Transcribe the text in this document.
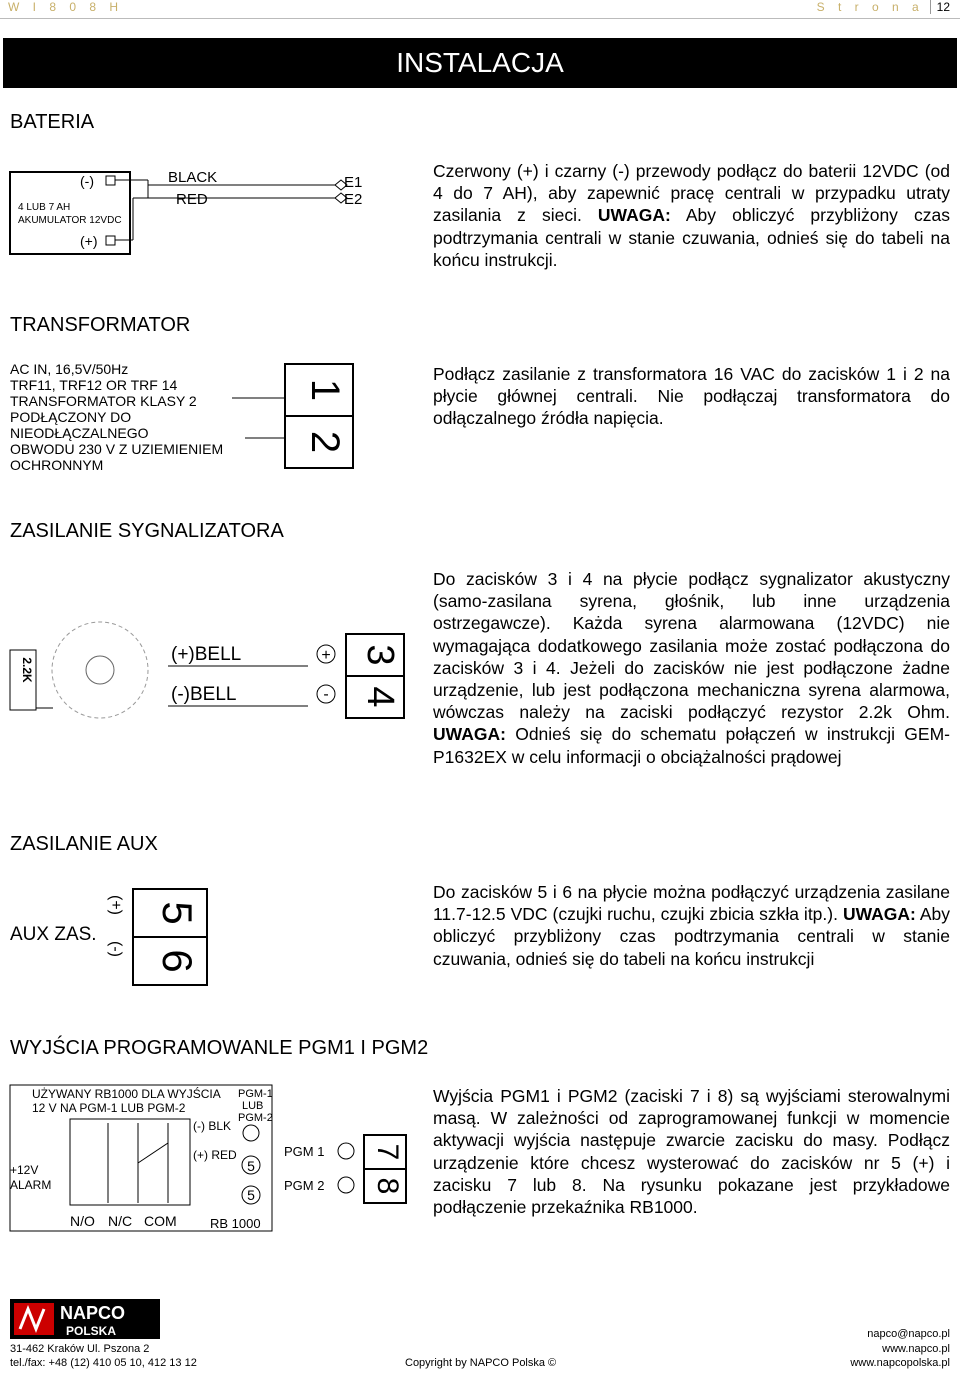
W I 8 0 8 H	S t r o n a 12
INSTALACJA
BATERIA
(-)
(+)
4 LUB 7 AH
AKUMULATOR 12VDC
BLACK
RED
E1
E2
Czerwony (+) i czarny (-) przewody podłącz do baterii 12VDC (od 4 do 7 AH), aby zapewnić pracę centrali w przypadku utraty zasilania z sieci. UWAGA: Aby obliczyć przybliżony czas podtrzymania centrali w stanie czuwania, odnieś się do tabeli na końcu instrukcji.
TRANSFORMATOR
AC IN, 16,5V/50Hz
TRF11, TRF12 OR TRF 14
TRANSFORMATOR KLASY 2
PODŁĄCZONY DO
NIEODŁĄCZALNEGO
OBWODU 230 V Z UZIEMIENIEM
OCHRONNYM
1
2
Podłącz zasilanie z transformatora 16 VAC do zacisków 1 i 2 na płycie głównej centrali. Nie podłączaj transformatora do odłączalnego źródła napięcia.
ZASILANIE SYGNALIZATORA
2.2K
(+)BELL
(-)BELL
+
-
3
4
Do zacisków 3 i 4 na płycie podłącz sygnalizator akustyczny (samo-zasilana syrena, głośnik, lub inne urządzenia ostrzegawcze). Każda syrena alarmowana (12VDC) nie wymagająca dodatkowego zasilania może zostać podłączona do zacisków 3 i 4. Jeżeli do zacisków nie jest podłączone żadne urządzenie, lub jest podłączona mechaniczna syrena alarmowa, wówczas należy na zaciski podłączyć rezystor 2.2k Ohm. UWAGA: Odnieś się do schematu połączeń w instrukcji GEM-P1632EX w celu informacji o obciążalności prądowej
ZASILANIE AUX
AUX ZAS.
(+)
(-)
5
6
Do zacisków 5 i 6 na płycie można podłączyć urządzenia zasilane 11.7-12.5 VDC (czujki ruchu, czujki zbicia szkła itp.). UWAGA: Aby obliczyć przybliżony czas podtrzymania centrali w stanie czuwania, odnieś się do tabeli na końcu instrukcji
WYJŚCIA PROGRAMOWANLE PGM1 I PGM2
UŻYWANY RB1000 DLA WYJŚCIA
12 V NA PGM-1 LUB PGM-2
PGM-1
LUB
PGM-2
(-) BLK
(+) RED
5
5
+12V
ALARM
N/O N/C COM	RB 1000
PGM 1
PGM 2
7
8
Wyjścia PGM1 i PGM2 (zaciski 7 i 8) są wyjściami sterowalnymi masą. W zależności od zaprogramowanej funkcji w momencie aktywacji wyjścia następuje zwarcie zacisku do masy. Podłącz urządzenie które chcesz wysterować do zacisków nr 5 (+) i zacisku 7 lub 8. Na rysunku pokazane jest przykładowe podłączenie przekaźnika RB1000.
NAPCO
POLSKA
31-462 Kraków Ul. Pszona 2
tel./fax: +48 (12) 410 05 10, 412 13 12	Copyright by NAPCO Polska ©
napco@napco.pl
www.napco.pl
www.napcopolska.pl
